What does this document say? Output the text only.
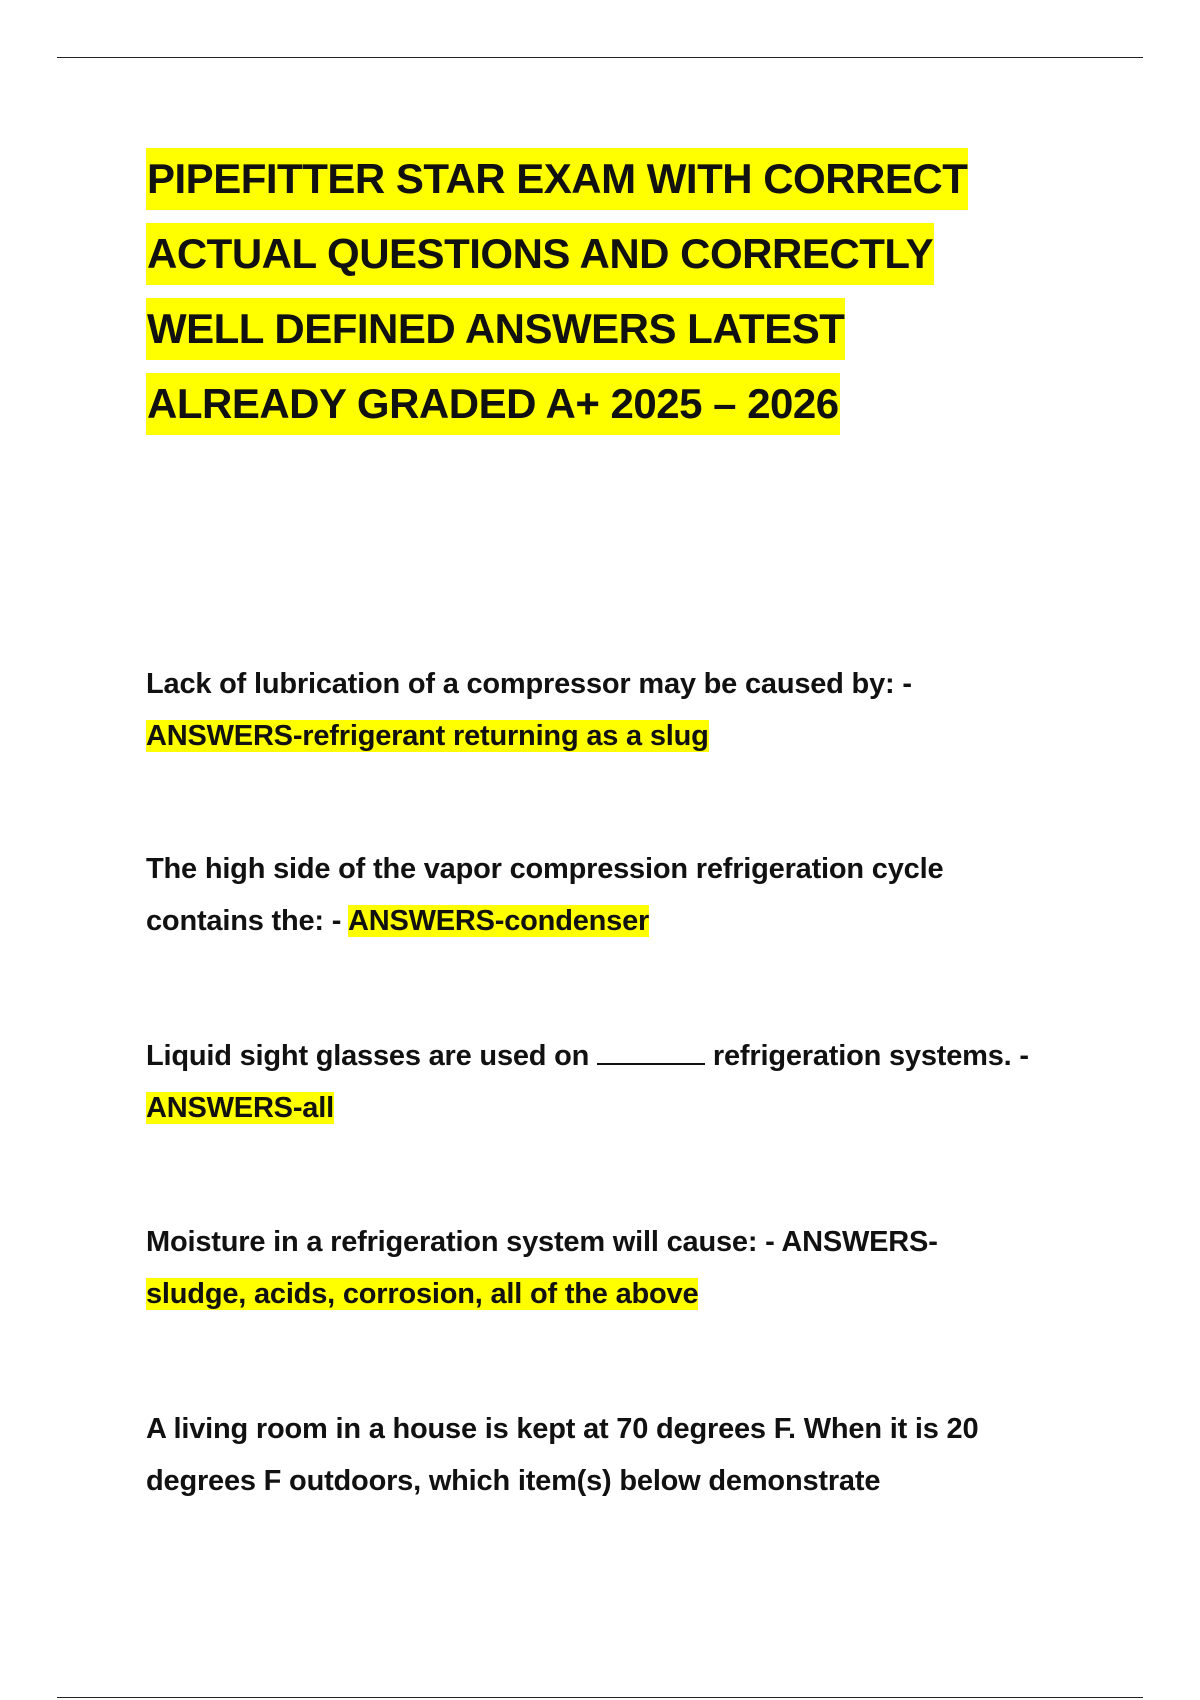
PIPEFITTER STAR EXAM WITH CORRECT
ACTUAL QUESTIONS AND CORRECTLY
WELL DEFINED ANSWERS LATEST
ALREADY GRADED A+ 2025 – 2026

Lack of lubrication of a compressor may be caused by: -
ANSWERS-refrigerant returning as a slug

The high side of the vapor compression refrigeration cycle contains the: - ANSWERS-condenser

Liquid sight glasses are used on	refrigeration systems. - ANSWERS-all

Moisture in a refrigeration system will cause: - ANSWERS-
sludge, acids, corrosion, all of the above

A living room in a house is kept at 70 degrees F. When it is 20 degrees F outdoors, which item(s) below demonstrate
